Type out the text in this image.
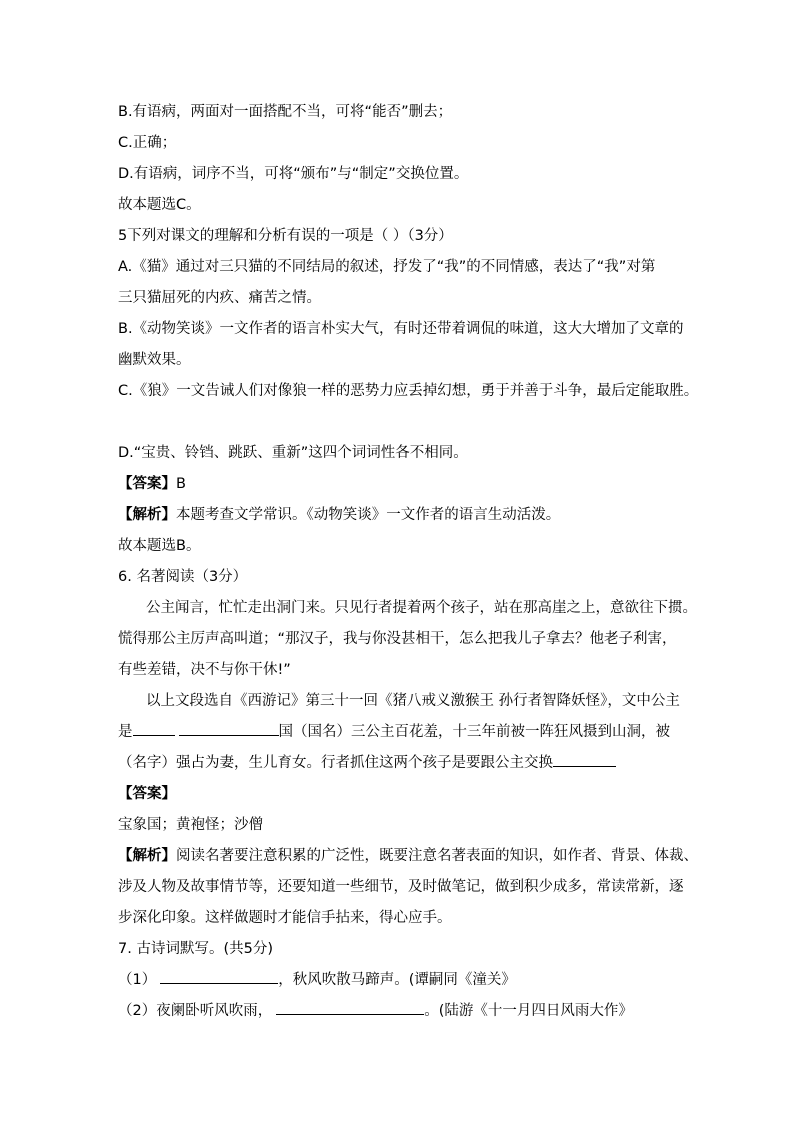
B.有语病，两面对一面搭配不当，可将“能否”删去；
C.正确；
D.有语病，词序不当，可将“颁布”与“制定”交换位置。
故本题选C。
5下列对课文的理解和分析有误的一项是（ ）（3分）
A.《猫》通过对三只猫的不同结局的叙述，抒发了“我”的不同情感，表达了“我”对第
三只猫屈死的内疚、痛苦之情。
B.《动物笑谈》一文作者的语言朴实大气，有时还带着调侃的味道，这大大增加了文章的
幽默效果。
C.《狼》一文告诫人们对像狼一样的恶势力应丢掉幻想，勇于并善于斗争，最后定能取胜。
D.“宝贵、铃铛、跳跃、重新”这四个词词性各不相同。
【答案】B
【解析】本题考查文学常识。《动物笑谈》一文作者的语言生动活泼。
故本题选B。
6. 名著阅读（3分）
公主闻言，忙忙走出洞门来。只见行者提着两个孩子，站在那高崖之上，意欲往下掼。
慌得那公主厉声高叫道；“那汉子，我与你没甚相干，怎么把我儿子拿去？他老子利害，
有些差错，决不与你干休!”
以上文段选自《西游记》第三十一回《猪八戒义激猴王 孙行者智降妖怪》，文中公主
是	国（国名）三公主百花羞，十三年前被一阵狂风摄到山洞，被
（名字）强占为妻，生儿育女。行者抓住这两个孩子是要跟公主交换
【答案】
宝象国；黄袍怪；沙僧
【解析】阅读名著要注意积累的广泛性，既要注意名著表面的知识，如作者、背景、体裁、
涉及人物及故事情节等，还要知道一些细节，及时做笔记，做到积少成多，常读常新，逐
步深化印象。这样做题时才能信手拈来，得心应手。
7. 古诗词默写。(共5分)
（1）	，秋风吹散马蹄声。(谭嗣同《潼关》
（2）夜阑卧听风吹雨，	。(陆游《十一月四日风雨大作》
